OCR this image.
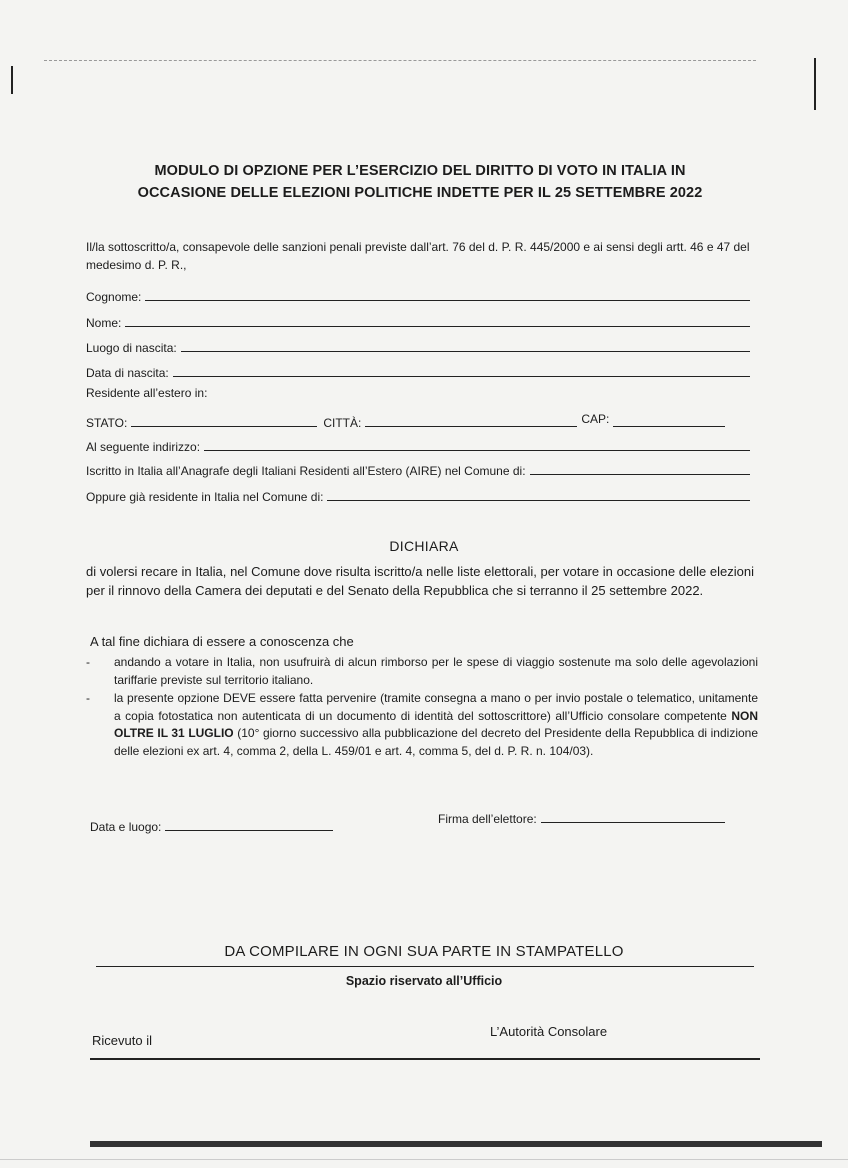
MODULO DI OPZIONE PER L’ESERCIZIO DEL DIRITTO DI VOTO IN ITALIA IN
OCCASIONE DELLE ELEZIONI POLITICHE INDETTE PER IL 25 SETTEMBRE 2022
Il/la sottoscritto/a, consapevole delle sanzioni penali previste dall’art. 76 del d. P. R. 445/2000 e ai sensi degli artt. 46 e 47 del medesimo d. P. R.,
Cognome:
Nome:
Luogo di nascita:
Data di nascita:
Residente all’estero in:
STATO:	CITTÀ:	CAP:
Al seguente indirizzo:
Iscritto in Italia all’Anagrafe degli Italiani Residenti all’Estero (AIRE) nel Comune di:
Oppure già residente in Italia nel Comune di:
DICHIARA
di volersi recare in Italia, nel Comune dove risulta iscritto/a nelle liste elettorali, per votare in occasione delle elezioni per il rinnovo della Camera dei deputati e del Senato della Repubblica che si terranno il 25 settembre 2022.
A tal fine dichiara di essere a conoscenza che
- andando a votare in Italia, non usufruirà di alcun rimborso per le spese di viaggio sostenute ma solo delle agevolazioni tariffarie previste sul territorio italiano.
- la presente opzione DEVE essere fatta pervenire (tramite consegna a mano o per invio postale o telematico, unitamente a copia fotostatica non autenticata di un documento di identità del sottoscrittore) all’Ufficio consolare competente NON OLTRE IL 31 LUGLIO (10° giorno successivo alla pubblicazione del decreto del Presidente della Repubblica di indizione delle elezioni ex art. 4, comma 2, della L. 459/01 e art. 4, comma 5, del d. P. R. n. 104/03).
Data e luogo:
Firma dell’elettore:
DA COMPILARE IN OGNI SUA PARTE IN STAMPATELLO
Spazio riservato all’Ufficio
Ricevuto il
L’Autorità Consolare
